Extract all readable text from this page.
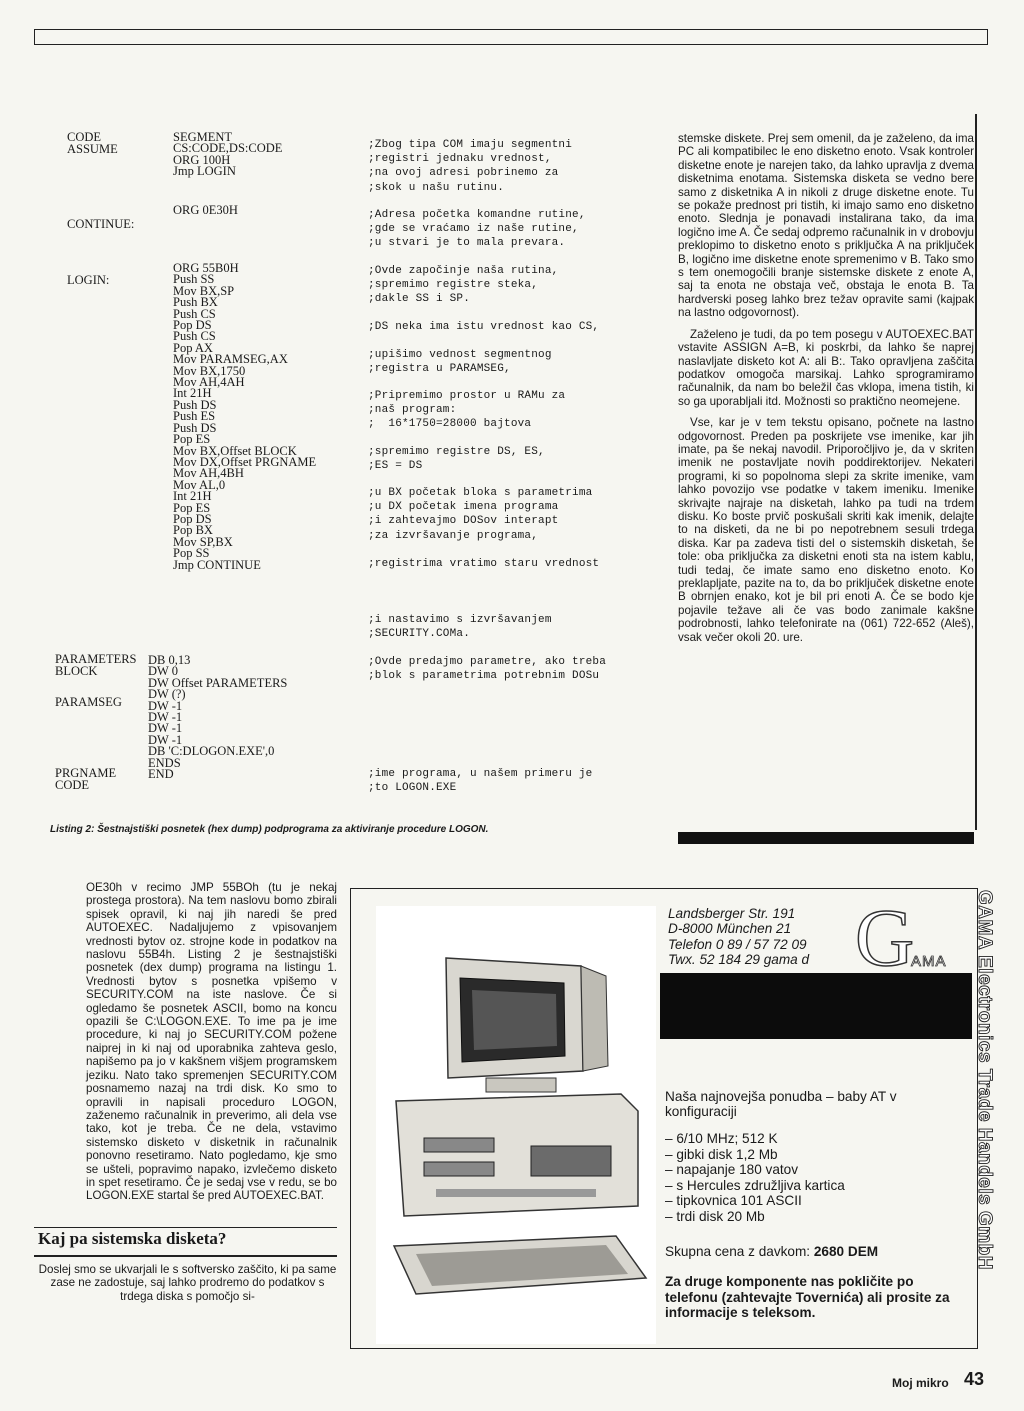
CODE
ASSUME
CONTINUE:
LOGIN:
PARAMETERS
BLOCK
PARAMSEG
PRGNAME
CODE
SEGMENT
CS:CODE,DS:CODE
ORG 100H
Jmp LOGIN
ORG 0E30H
ORG 55B0H
Push SS
Mov BX,SP
Push BX
Push CS
Pop DS
Push CS
Pop AX
Mov PARAMSEG,AX
Mov BX,1750
Mov AH,4AH
Int 21H
Push DS
Push ES
Push DS
Pop ES
Mov BX,Offset BLOCK
Mov DX,Offset PRGNAME
Mov AH,4BH
Mov AL,0
Int 21H
Pop ES
Pop DS
Pop BX
Mov SP,BX
Pop SS
Jmp CONTINUE
DB 0,13
DW 0
DW Offset PARAMETERS
DW (?)
DW -1
DW -1
DW -1
DW -1
DB 'C:DLOGON.EXE',0
ENDS
END
;Zbog tipa COM imaju segmentni
;registri jednaku vrednost,
;na ovoj adresi pobrinemo za
;skok u našu rutinu.
;Adresa početka komandne rutine,
;gde se vraćamo iz naše rutine,
;u stvari je to mala prevara.
;Ovde započinje naša rutina,
;spremimo registre steka,
;dakle SS i SP.
;DS neka ima istu vrednost kao CS,
;upišimo vednost segmentnog
;registra u PARAMSEG,
;Pripremimo prostor u RAMu za
;naš program:
;  16*1750=28000 bajtova
;spremimo registre DS, ES,
;ES = DS
;u BX početak bloka s parametrima
;u DX početak imena programa
;i zahtevajmo DOSov interapt
;za izvršavanje programa,
;registrima vratimo staru vrednost
;i nastavimo s izvršavanjem
;SECURITY.COMa.
;Ovde predajmo parametre, ako treba
;blok s parametrima potrebnim DOSu
;ime programa, u našem primeru je
;to LOGON.EXE
Listing 2: Šestnajstiški posnetek (hex dump) podprograma za aktiviranje procedure LOGON.

stemske diskete. Prej sem omenil, da je zaželeno, da ima PC ali kompatibilec le eno disketno enoto. Vsak kontroler disketne enote je narejen tako, da lahko upravlja z dvema disketnima enotama. Sistemska disketa se vedno bere samo z disketnika A in nikoli z druge disketne enote. Tu se pokaže prednost pri tistih, ki imajo samo eno disketno enoto. Slednja je ponavadi instalirana tako, da ima logično ime A. Če sedaj odpremo računalnik in v drobovju preklopimo to disketno enoto s priključka A na priključek B, logično ime disketne enote spremenimo v B. Tako smo s tem onemogočili branje sistemske diskete z enote A, saj ta enota ne obstaja več, obstaja le enota B. Ta hardverski poseg lahko brez težav opravite sami (kajpak na lastno odgovornost).

Zaželeno je tudi, da po tem posegu v AUTOEXEC.BAT vstavite ASSIGN A=B, ki poskrbi, da lahko še naprej naslavljate disketo kot A: ali B:. Tako opravljena zaščita podatkov omogoča marsikaj. Lahko sprogramiramo računalnik, da nam bo beležil čas vklopa, imena tistih, ki so ga uporabljali itd. Možnosti so praktično neomejene.

Vse, kar je v tem tekstu opisano, počnete na lastno odgovornost. Preden pa poskrijete vse imenike, kar jih imate, pa še nekaj navodil. Priporočljivo je, da v skriten imenik ne postavljate novih poddirektorijev. Nekateri programi, ki so popolnoma slepi za skrite imenike, vam lahko povozijo vse podatke v takem imeniku. Imenike skrivajte najraje na disketah, lahko pa tudi na trdem disku. Ko boste prvič poskušali skriti kak imenik, delajte to na disketi, da ne bi po nepotrebnem sesuli trdega diska. Kar pa zadeva tisti del o sistemskih disketah, še tole: oba priključka za disketni enoti sta na istem kablu, tudi tedaj, če imate samo eno disketno enoto. Ko preklapljate, pazite na to, da bo priključek disketne enote B obrnjen enako, kot je bil pri enoti A. Če se bodo kje pojavile težave ali če vas bodo zanimale kakšne podrobnosti, lahko telefonirate na (061) 722-652 (Aleš), vsak večer okoli 20. ure.

OE30h v recimo JMP 55BOh (tu je nekaj prostega prostora). Na tem naslovu bomo zbirali spisek opravil, ki naj jih naredi še pred AUTOEXEC. Nadaljujemo z vpisovanjem vrednosti bytov oz. strojne kode in podatkov na naslovu 55B4h. Listing 2 je šestnajstiški posnetek (dex dump) programa na listingu 1. Vrednosti bytov s posnetka vpišemo v SECURITY.COM na iste naslove. Če si ogledamo še posnetek ASCII, bomo na koncu opazili še C:\LOGON.EXE. To ime pa je ime procedure, ki naj jo SECURITY.COM požene naiprej in ki naj od uporabnika zahteva geslo, napišemo pa jo v kakšnem višjem programskem jeziku. Nato tako spremenjen SECURITY.COM posnamemo nazaj na trdi disk. Ko smo to opravili in napisali proceduro LOGON, zaženemo računalnik in preverimo, ali dela vse tako, kot je treba. Če ne dela, vstavimo sistemsko disketo v disketnik in računalnik ponovno resetiramo. Nato pogledamo, kje smo se ušteli, popravimo napako, izvlečemo disketo in spet resetiramo. Če je sedaj vse v redu, se bo LOGON.EXE startal še pred AUTOEXEC.BAT.

Kaj pa sistemska disketa?

Doslej smo se ukvarjali le s softversko zaščito, ki pa same zase ne zadostuje, saj lahko prodremo do podatkov s trdega diska s pomočjo si-

Landsberger Str. 191
D-8000 München 21
Telefon 0 89 / 57 72 09
Twx. 52 184 29 gama d G
AMA GAMA Electronics Trade Handels GmbH
Naša najnovejša ponudba – baby AT v konfiguraciji
– 6/10 MHz; 512 K
– gibki disk 1,2 Mb
– napajanje 180 vatov
– s Hercules združljiva kartica
– tipkovnica 101 ASCII
– trdi disk 20 Mb
Skupna cena z davkom: 2680 DEM
Za druge komponente nas pokličite po telefonu (zahtevajte Tovernića) ali prosite za informacije s teleksom.
Moj mikro 43
